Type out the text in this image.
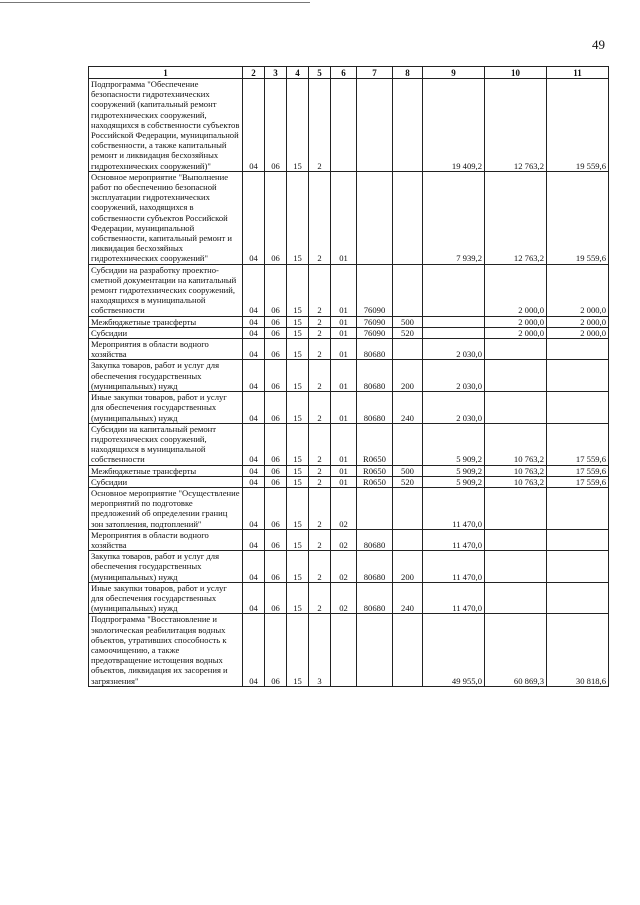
49
1	2	3	4	5	6	7	8	9	10	11
Подпрограмма "Обеспечение безопасности гидротехнических сооружений (капитальный ремонт гидротехнических сооружений, находящихся в собственности субъектов Российской Федерации, муниципальной собственности, а также капитальный ремонт и ликвидация бесхозяйных гидротехнических сооружений)"	04	06	15	2				19 409,2	12 763,2	19 559,6
Основное мероприятие "Выполнение работ по обеспечению безопасной эксплуатации гидротехнических сооружений, находящихся в собственности субъектов Российской Федерации, муниципальной собственности, капитальный ремонт и ликвидация бесхозяйных гидротехнических сооружений"	04	06	15	2	01			7 939,2	12 763,2	19 559,6
Субсидии на разработку проектно-сметной документации на капитальный ремонт гидротехнических сооружений, находящихся в муниципальной собственности	04	06	15	2	01	76090			2 000,0	2 000,0
Межбюджетные трансферты	04	06	15	2	01	76090	500		2 000,0	2 000,0
Субсидии	04	06	15	2	01	76090	520		2 000,0	2 000,0
Мероприятия в области водного хозяйства	04	06	15	2	01	80680		2 030,0		
Закупка товаров, работ и услуг для обеспечения государственных (муниципальных) нужд	04	06	15	2	01	80680	200	2 030,0		
Иные закупки товаров, работ и услуг для обеспечения государственных (муниципальных) нужд	04	06	15	2	01	80680	240	2 030,0		
Субсидии на капитальный ремонт гидротехнических сооружений, находящихся в муниципальной собственности	04	06	15	2	01	R0650		5 909,2	10 763,2	17 559,6
Межбюджетные трансферты	04	06	15	2	01	R0650	500	5 909,2	10 763,2	17 559,6
Субсидии	04	06	15	2	01	R0650	520	5 909,2	10 763,2	17 559,6
Основное мероприятие "Осуществление мероприятий по подготовке предложений об определении границ зон затопления, подтоплений"	04	06	15	2	02			11 470,0		
Мероприятия в области водного хозяйства	04	06	15	2	02	80680		11 470,0		
Закупка товаров, работ и услуг для обеспечения государственных (муниципальных) нужд	04	06	15	2	02	80680	200	11 470,0		
Иные закупки товаров, работ и услуг для обеспечения государственных (муниципальных) нужд	04	06	15	2	02	80680	240	11 470,0		
Подпрограмма "Восстановление и экологическая реабилитация водных объектов, утративших способность к самоочищению, а также предотвращение истощения водных объектов, ликвидация их засорения и загрязнения"	04	06	15	3				49 955,0	60 869,3	30 818,6
